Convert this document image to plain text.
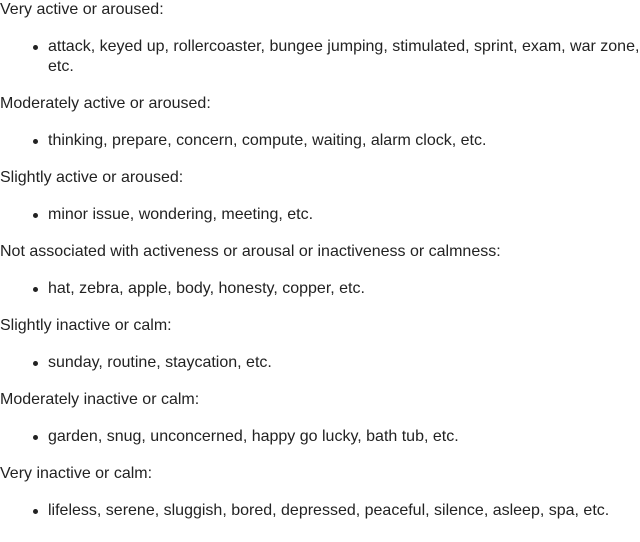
Very active or aroused:

attack, keyed up, rollercoaster, bungee jumping, stimulated, sprint, exam, war zone, etc.

Moderately active or aroused:

thinking, prepare, concern, compute, waiting, alarm clock, etc.

Slightly active or aroused:

minor issue, wondering, meeting, etc.

Not associated with activeness or arousal or inactiveness or calmness:

hat, zebra, apple, body, honesty, copper, etc.

Slightly inactive or calm:

sunday, routine, staycation, etc.

Moderately inactive or calm:

garden, snug, unconcerned, happy go lucky, bath tub, etc.

Very inactive or calm:

lifeless, serene, sluggish, bored, depressed, peaceful, silence, asleep, spa, etc.
